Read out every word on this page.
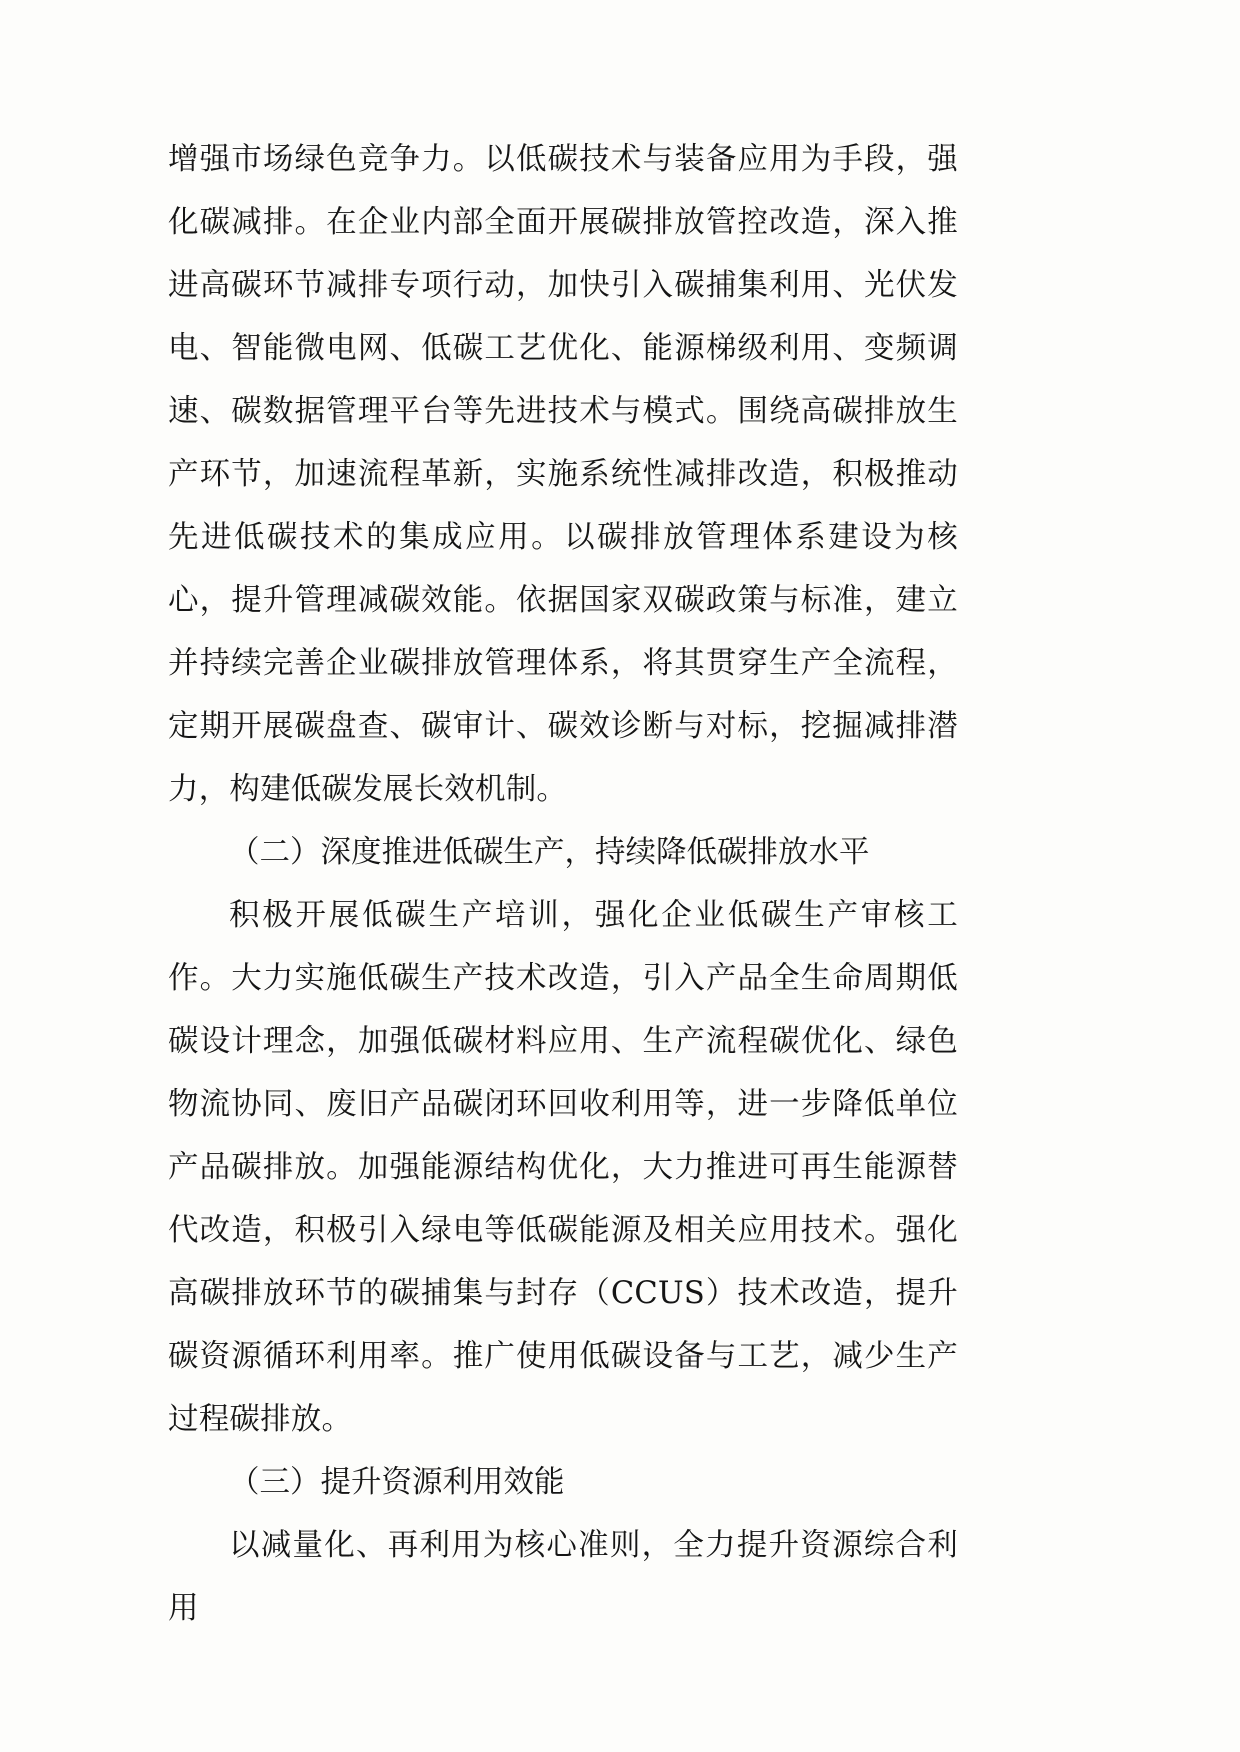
增强市场绿色竞争力。以低碳技术与装备应用为手段，强化碳减排。在企业内部全面开展碳排放管控改造，深入推进高碳环节减排专项行动，加快引入碳捕集利用、光伏发电、智能微电网、低碳工艺优化、能源梯级利用、变频调速、碳数据管理平台等先进技术与模式。围绕高碳排放生产环节，加速流程革新，实施系统性减排改造，积极推动先进低碳技术的集成应用。以碳排放管理体系建设为核心，提升管理减碳效能。依据国家双碳政策与标准，建立并持续完善企业碳排放管理体系，将其贯穿生产全流程，定期开展碳盘查、碳审计、碳效诊断与对标，挖掘减排潜力，构建低碳发展长效机制。

（二）深度推进低碳生产，持续降低碳排放水平

积极开展低碳生产培训，强化企业低碳生产审核工作。大力实施低碳生产技术改造，引入产品全生命周期低碳设计理念，加强低碳材料应用、生产流程碳优化、绿色物流协同、废旧产品碳闭环回收利用等，进一步降低单位产品碳排放。加强能源结构优化，大力推进可再生能源替代改造，积极引入绿电等低碳能源及相关应用技术。强化高碳排放环节的碳捕集与封存（CCUS）技术改造，提升碳资源循环利用率。推广使用低碳设备与工艺，减少生产过程碳排放。

（三）提升资源利用效能

以减量化、再利用为核心准则，全力提升资源综合利用
